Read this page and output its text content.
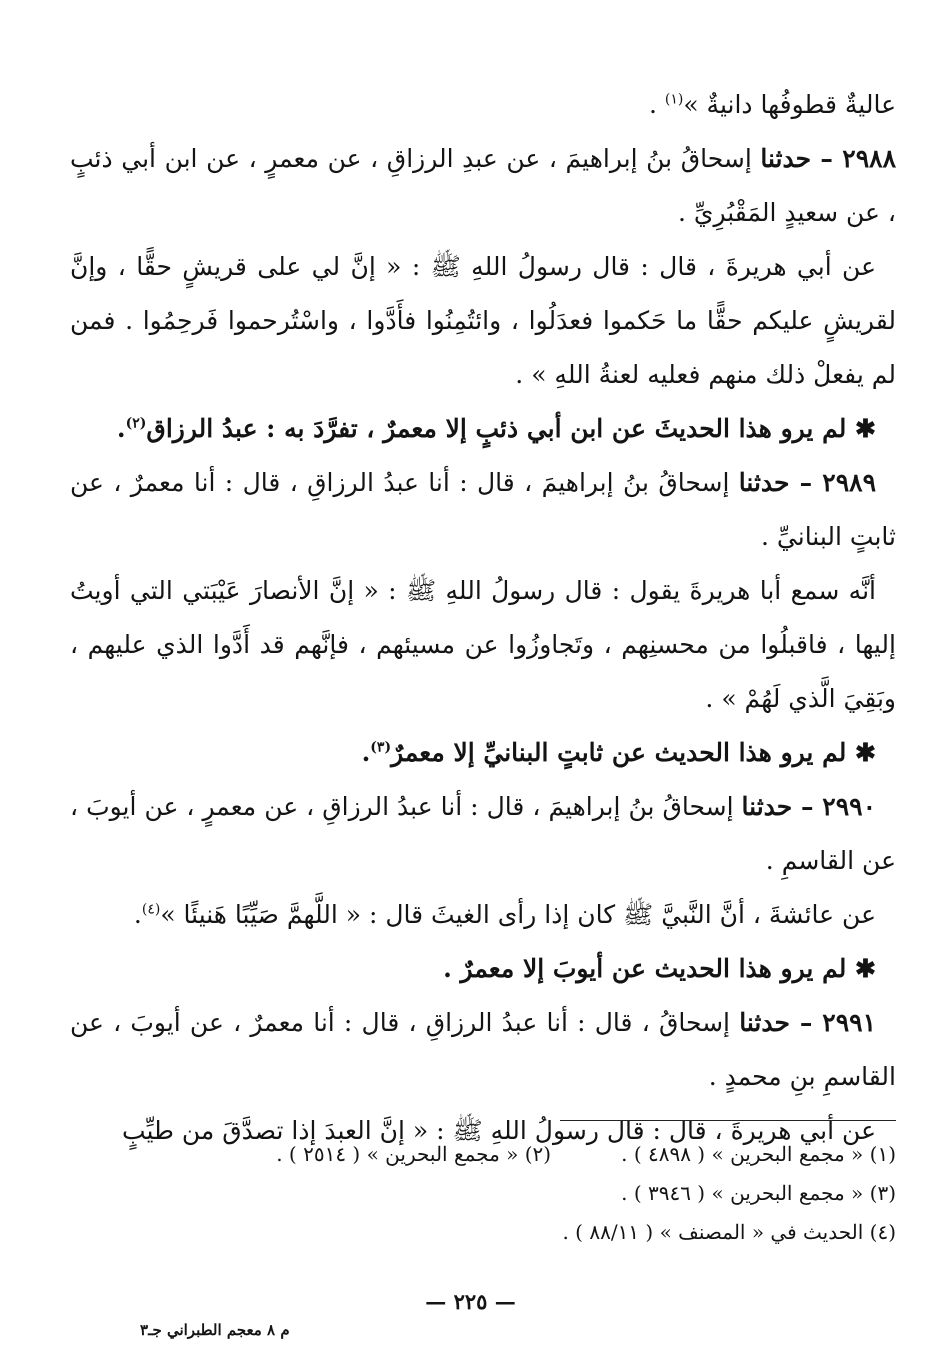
عاليةٌ قطوفُها دانيةٌ »$^{(١)}$ .

٢٩٨٨ – حدثنا إسحاقُ بنُ إبراهيمَ ، عن عبدِ الرزاقِ ، عن معمرٍ ، عن ابن أبي ذئبٍ ، عن سعيدٍ المَقْبُرِيِّ .

عن أبي هريرةَ ، قال : قال رسولُ اللهِ ﷺ : « إنَّ لي على قريشٍ حقًّا ، وإنَّ لقريشٍ عليكم حقًّا ما حَكموا فعدَلُوا ، وائتُمِنُوا فأَدَّوا ، واسْتُرحموا فَرحِمُوا . فمن لم يفعلْ ذلك منهم فعليه لعنةُ اللهِ » .

✱ لم يرو هذا الحديثَ عن ابن أبي ذئبٍ إلا معمرٌ ، تفرَّدَ به : عبدُ الرزاق$^{(٢)}$.

٢٩٨٩ – حدثنا إسحاقُ بنُ إبراهيمَ ، قال : أنا عبدُ الرزاقِ ، قال : أنا معمرٌ ، عن ثابتٍ البنانيِّ .

أنَّه سمع أبا هريرةَ يقول : قال رسولُ اللهِ ﷺ : « إنَّ الأنصارَ عَيْبَتي التي أويتُ إليها ، فاقبلُوا من محسنِهم ، وتَجاوزُوا عن مسيئهم ، فإنَّهم قد أَدَّوا الذي عليهم ، وبَقِيَ الَّذي لَهُمْ » .

✱ لم يرو هذا الحديث عن ثابتٍ البنانيِّ إلا معمرٌ$^{(٣)}$.

٢٩٩٠ – حدثنا إسحاقُ بنُ إبراهيمَ ، قال : أنا عبدُ الرزاقِ ، عن معمرٍ ، عن أيوبَ ، عن القاسمِ .

عن عائشةَ ، أنَّ النَّبيَّ ﷺ كان إذا رأى الغيثَ قال : « اللَّهمَّ صَيِّبًا هَنيئًا »$^{(٤)}$.

✱ لم يرو هذا الحديث عن أيوبَ إلا معمرٌ .

٢٩٩١ – حدثنا إسحاقُ ، قال : أنا عبدُ الرزاقِ ، قال : أنا معمرٌ ، عن أيوبَ ، عن القاسمِ بنِ محمدٍ .

عن أبي هريرةَ ، قال : قال رسولُ اللهِ ﷺ : « إنَّ العبدَ إذا تصدَّقَ من طيِّبٍ

(١) « مجمع البحرين » ( ٤٨٩٨ ) .
(٢) « مجمع البحرين » ( ٢٥١٤ ) .
(٣) « مجمع البحرين » ( ٣٩٤٦ ) .
(٤) الحديث في « المصنف » ( ٨٨/١١ ) .
— ٢٢٥ —
م ٨ معجم الطبراني جـ٣
